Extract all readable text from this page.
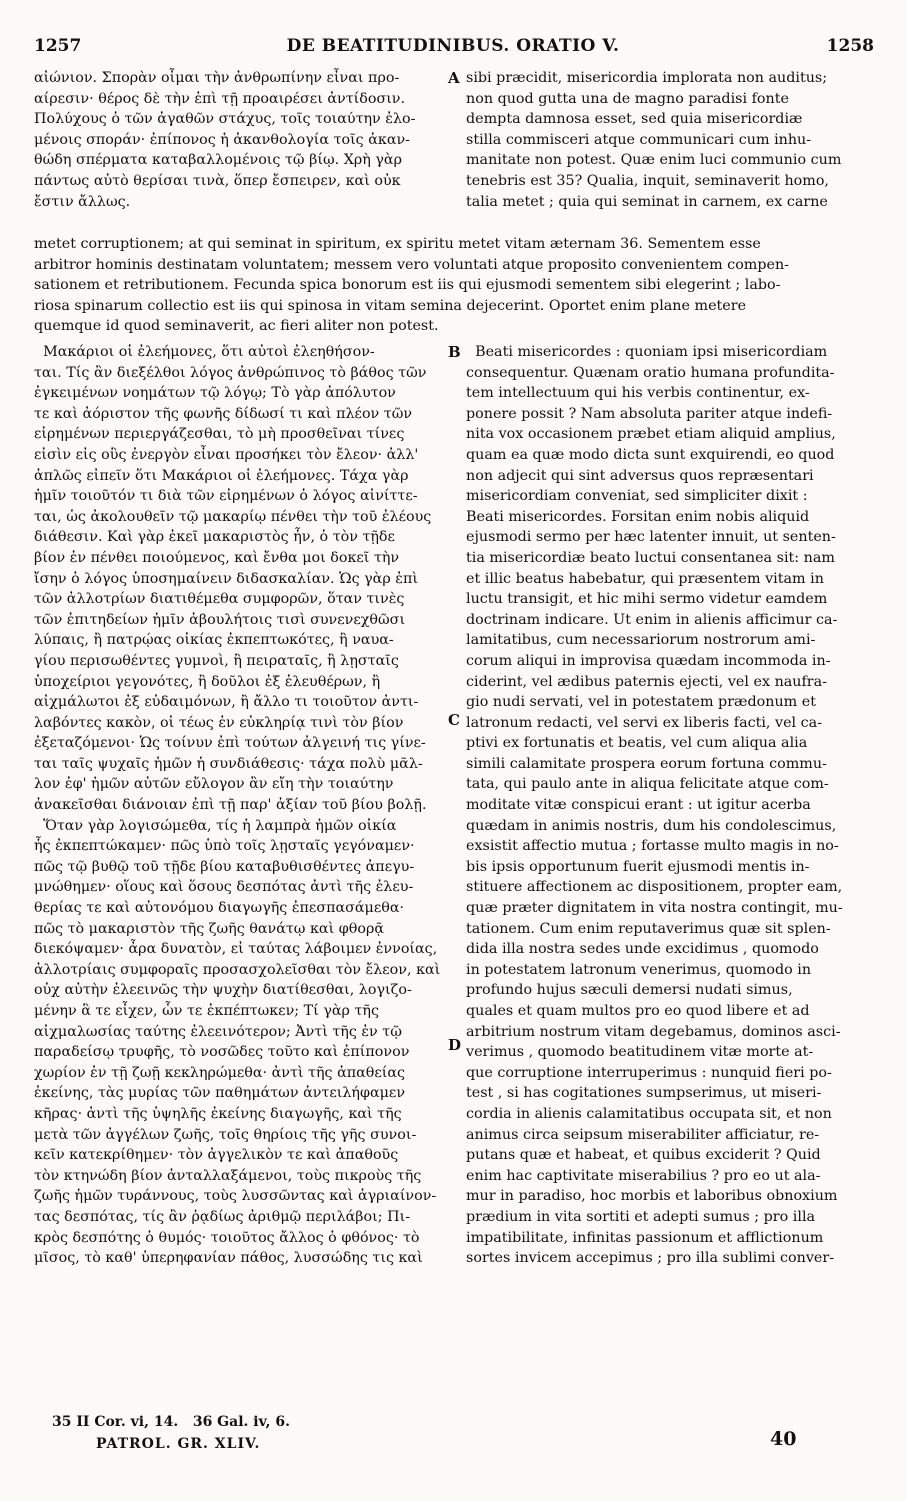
1257	DE BEATITUDINIBUS. ORATIO V.	1258
αἰώνιον. Σπορὰν οἶμαι τὴν ἀνθρωπίνην εἶναι προ-
αίρεσιν· θέρος δὲ τὴν ἐπὶ τῇ προαιρέσει ἀντίδοσιν.
Πολύχους ὁ τῶν ἀγαθῶν στάχυς, τοῖς τοιαύτην ἐλο-
μένοις σποράν· ἐπίπονος ἡ ἀκανθολογία τοῖς ἀκαν-
θώδη σπέρματα καταβαλλομένοις τῷ βίῳ. Χρὴ γὰρ
πάντως αὐτὸ θερίσαι τινὰ, ὅπερ ἔσπειρεν, καὶ οὐκ
ἔστιν ἄλλως.
sibi præcidit, misericordia implorata non auditus;
non quod gutta una de magno paradisi fonte
dempta damnosa esset, sed quia misericordiæ
stilla commisceri atque communicari cum inhu-
manitate non potest. Quæ enim luci communio cum
tenebris est 35? Qualia, inquit, seminaverit homo,
talia metet ; quia qui seminat in carnem, ex carne
metet corruptionem; at qui seminat in spiritum, ex spiritu metet vitam æternam 36. Sementem esse
arbitror hominis destinatam voluntatem; messem vero voluntati atque proposito convenientem compen-
sationem et retributionem. Fecunda spica bonorum est iis qui ejusmodi sementem sibi elegerint ; labo-
riosa spinarum collectio est iis qui spinosa in vitam semina dejecerint. Oportet enim plane metere
quemque id quod seminaverit, ac fieri aliter non potest.
Μακάριοι οἱ ἐλεήμονες, ὅτι αὐτοὶ ἐλεηθήσον-
ται. Τίς ἂν διεξέλθοι λόγος ἀνθρώπινος τὸ βάθος τῶν
ἐγκειμένων νοημάτων τῷ λόγῳ; Τὸ γὰρ ἀπόλυτον
τε καὶ ἀόριστον τῆς φωνῆς δίδωσί τι καὶ πλέον τῶν
εἰρημένων περιεργάζεσθαι, τὸ μὴ προσθεῖναι τίνες
εἰσὶν εἰς οὓς ἐνεργὸν εἶναι προσήκει τὸν ἔλεον· ἀλλ'
ἁπλῶς εἰπεῖν ὅτι Μακάριοι οἱ ἐλεήμονες. Τάχα γὰρ
ἡμῖν τοιοῦτόν τι διὰ τῶν εἰρημένων ὁ λόγος αἰνίττε-
ται, ὡς ἀκολουθεῖν τῷ μακαρίῳ πένθει τὴν τοῦ ἐλέους
διάθεσιν. Καὶ γὰρ ἐκεῖ μακαριστὸς ἦν, ὁ τὸν τῇδε
βίον ἐν πένθει ποιούμενος, καὶ ἔνθα μοι δοκεῖ τὴν
ἴσην ὁ λόγος ὑποσημαίνειν διδασκαλίαν. Ὡς γὰρ ἐπὶ
τῶν ἀλλοτρίων διατιθέμεθα συμφορῶν, ὅταν τινὲς
τῶν ἐπιτηδείων ἡμῖν ἀβουλήτοις τισὶ συνενεχθῶσι
λύπαις, ἢ πατρῴας οἰκίας ἐκπεπτωκότες, ἢ ναυα-
γίου περισωθέντες γυμνοὶ, ἢ πειραταῖς, ἢ λῃσταῖς
ὑποχείριοι γεγονότες, ἢ δοῦλοι ἐξ ἐλευθέρων, ἢ
αἰχμάλωτοι ἐξ εὐδαιμόνων, ἢ ἄλλο τι τοιοῦτον ἀντι-
λαβόντες κακὸν, οἱ τέως ἐν εὐκληρίᾳ τινὶ τὸν βίον
ἐξεταζόμενοι· Ὡς τοίνυν ἐπὶ τούτων ἀλγεινή τις γίνε-
ται ταῖς ψυχαῖς ἡμῶν ἡ συνδιάθεσις· τάχα πολὺ μᾶλ-
λον ἐφ' ἡμῶν αὐτῶν εὔλογον ἂν εἴη τὴν τοιαύτην
ἀνακεῖσθαι διάνοιαν ἐπὶ τῇ παρ' ἀξίαν τοῦ βίου βολῇ.
Ὅταν γὰρ λογισώμεθα, τίς ἡ λαμπρὰ ἡμῶν οἰκία
ἧς ἐκπεπτώκαμεν· πῶς ὑπὸ τοῖς λῃσταῖς γεγόναμεν·
πῶς τῷ βυθῷ τοῦ τῇδε βίου καταβυθισθέντες ἀπεγυ-
μνώθημεν· οἵους καὶ ὅσους δεσπότας ἀντὶ τῆς ἐλευ-
θερίας τε καὶ αὐτονόμου διαγωγῆς ἐπεσπασάμεθα·
πῶς τὸ μακαριστὸν τῆς ζωῆς θανάτῳ καὶ φθορᾷ
διεκόψαμεν· ἆρα δυνατὸν, εἰ ταύτας λάβοιμεν ἐννοίας,
ἀλλοτρίαις συμφοραῖς προσασχολεῖσθαι τὸν ἔλεον, καὶ
οὐχ αὐτὴν ἐλεεινῶς τὴν ψυχὴν διατίθεσθαι, λογιζο-
μένην ἃ τε εἶχεν, ὧν τε ἐκπέπτωκεν; Τί γὰρ τῆς
αἰχμαλωσίας ταύτης ἐλεεινότερον; Ἀντὶ τῆς ἐν τῷ
παραδείσῳ τρυφῆς, τὸ νοσῶδες τοῦτο καὶ ἐπίπονον
χωρίον ἐν τῇ ζωῇ κεκληρώμεθα· ἀντὶ τῆς ἀπαθείας
ἐκείνης, τὰς μυρίας τῶν παθημάτων ἀντειλήφαμεν
κῆρας· ἀντὶ τῆς ὑψηλῆς ἐκείνης διαγωγῆς, καὶ τῆς
μετὰ τῶν ἀγγέλων ζωῆς, τοῖς θηρίοις τῆς γῆς συνοι-
κεῖν κατεκρίθημεν· τὸν ἀγγελικὸν τε καὶ ἀπαθοῦς
τὸν κτηνώδη βίον ἀνταλλαξάμενοι, τοὺς πικροὺς τῆς
ζωῆς ἡμῶν τυράννους, τοὺς λυσσῶντας καὶ ἀγριαίνον-
τας δεσπότας, τίς ἂν ῥᾳδίως ἀριθμῷ περιλάβοι; Πι-
κρὸς δεσπότης ὁ θυμός· τοιοῦτος ἄλλος ὁ φθόνος· τὸ
μῖσος, τὸ καθ' ὑπερηφανίαν πάθος, λυσσώδης τις καὶ
Beati misericordes : quoniam ipsi misericordiam
consequentur. Quænam oratio humana profundita-
tem intellectuum qui his verbis continentur, ex-
ponere possit ? Nam absoluta pariter atque indefi-
nita vox occasionem præbet etiam aliquid amplius,
quam ea quæ modo dicta sunt exquirendi, eo quod
non adjecit qui sint adversus quos repræsentari
misericordiam conveniat, sed simpliciter dixit :
Beati misericordes. Forsitan enim nobis aliquid
ejusmodi sermo per hæc latenter innuit, ut senten-
tia misericordiæ beato luctui consentanea sit: nam
et illic beatus habebatur, qui præsentem vitam in
luctu transigit, et hic mihi sermo videtur eamdem
doctrinam indicare. Ut enim in alienis afficimur ca-
lamitatibus, cum necessariorum nostrorum ami-
corum aliqui in improvisa quædam incommoda in-
ciderint, vel ædibus paternis ejecti, vel ex naufra-
gio nudi servati, vel in potestatem prædonum et
latronum redacti, vel servi ex liberis facti, vel ca-
ptivi ex fortunatis et beatis, vel cum aliqua alia
simili calamitate prospera eorum fortuna commu-
tata, qui paulo ante in aliqua felicitate atque com-
moditate vitæ conspicui erant : ut igitur acerba
quædam in animis nostris, dum his condolescimus,
exsistit affectio mutua ; fortasse multo magis in no-
bis ipsis opportunum fuerit ejusmodi mentis in-
stituere affectionem ac dispositionem, propter eam,
quæ præter dignitatem in vita nostra contingit, mu-
tationem. Cum enim reputaverimus quæ sit splen-
dida illa nostra sedes unde excidimus , quomodo
in potestatem latronum venerimus, quomodo in
profundo hujus sæculi demersi nudati simus,
quales et quam multos pro eo quod libere et ad
arbitrium nostrum vitam degebamus, dominos asci-
verimus , quomodo beatitudinem vitæ morte at-
que corruptione interruperimus : nunquid fieri po-
test , si has cogitationes sumpserimus, ut miseri-
cordia in alienis calamitatibus occupata sit, et non
animus circa seipsum miserabiliter afficiatur, re-
putans quæ et habeat, et quibus exciderit ? Quid
enim hac captivitate miserabilius ? pro eo ut ala-
mur in paradiso, hoc morbis et laboribus obnoxium
prædium in vita sortiti et adepti sumus ; pro illa
impatibilitate, infinitas passionum et afflictionum
sortes invicem accepimus ; pro illa sublimi conver-
A
B
C
D
35 II Cor. vi, 14.   36 Gal. iv, 6.
PATROL. GR. XLIV.	40
